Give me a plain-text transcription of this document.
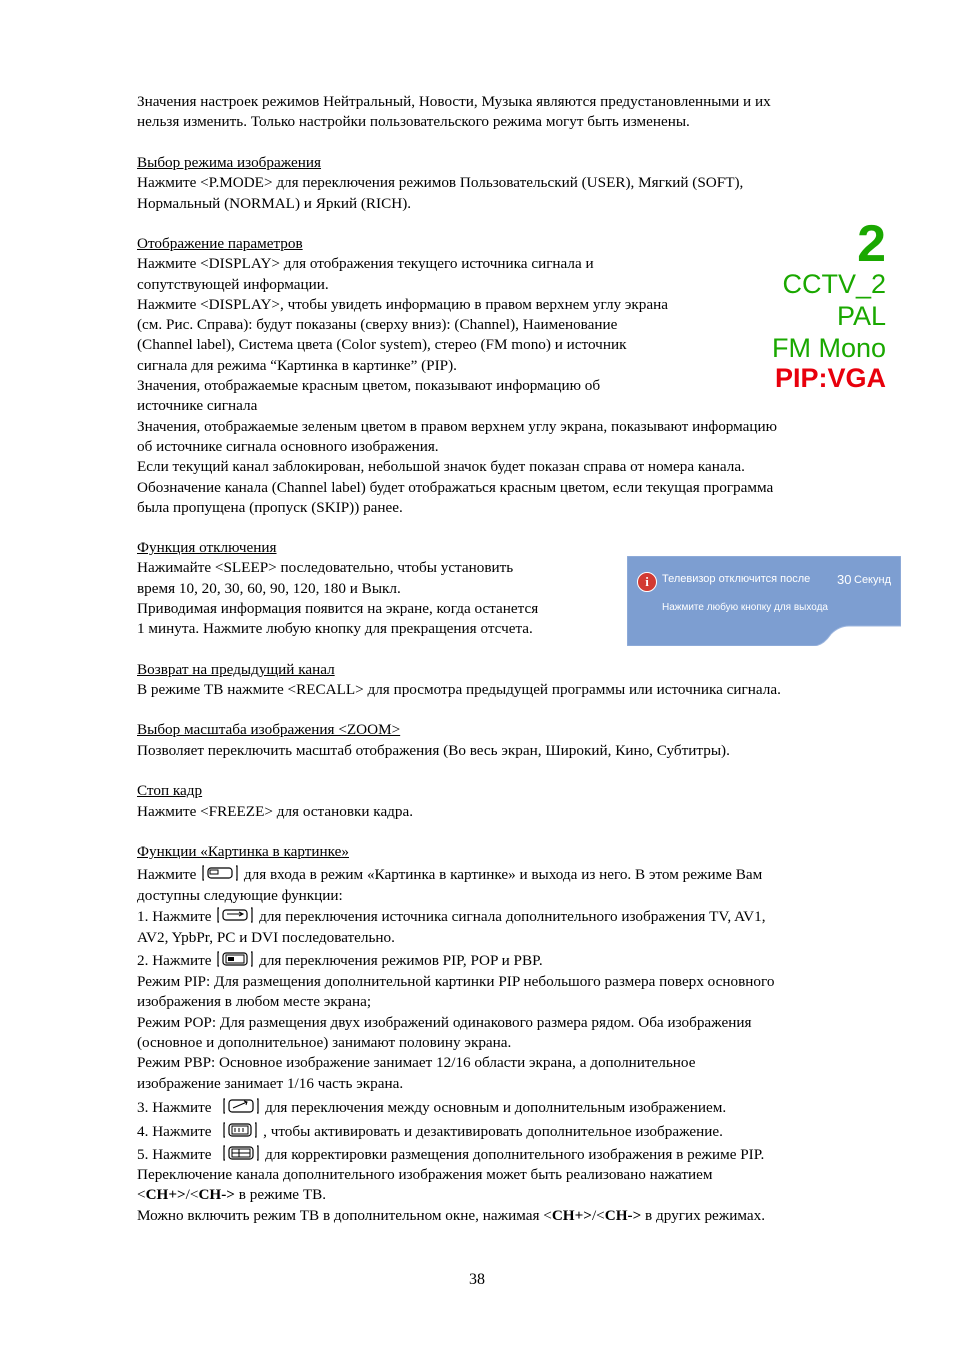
Значения настроек режимов Нейтральный, Новости, Музыка являются предустановленными и их
нельзя изменить. Только настройки пользовательского режима могут быть изменены.
Выбор режима изображения
Нажмите <P.MODE> для переключения режимов Пользовательский (USER), Мягкий (SOFT),
Нормальный (NORMAL) и Яркий (RICH).
Отображение параметров
Нажмите <DISPLAY> для отображения текущего источника сигнала и
сопутствующей информации.
Нажмите <DISPLAY>, чтобы увидеть информацию в правом верхнем углу экрана
(см. Рис. Справа): будут показаны (сверху вниз): (Channel), Наименование
(Channel label), Система цвета (Color system), стерео (FM mono) и источник
сигнала для режима “Картинка в картинке” (PIP).
Значения, отображаемые красным цветом, показывают информацию об
источнике сигнала
Значения, отображаемые зеленым цветом в правом верхнем углу экрана, показывают информацию
об источнике сигнала основного изображения.
Если текущий канал заблокирован, небольшой значок будет показан справа от номера канала.
Обозначение канала (Channel label) будет отображаться красным цветом, если текущая программа
была пропущена (пропуск (SKIP)) ранее.
2
CCTV_2
PAL
FM Mono
PIP:VGA
Функция отключения
Нажимайте <SLEEP> последовательно, чтобы установить
время 10, 20, 30, 60, 90, 120, 180 и Выкл.
Приводимая информация появится на экране, когда останется
1 минута. Нажмите любую кнопку для прекращения отсчета.
i	Телевизор отключится после 30 Секунд
Нажмите любую кнопку для выхода
Возврат на предыдущий канал
В режиме ТВ нажмите <RECALL> для просмотра предыдущей программы или источника сигнала.
Выбор масштаба изображения <ZOOM>
Позволяет переключить масштаб отображения (Во весь экран, Широкий, Кино, Субтитры).
Стоп кадр
Нажмите <FREEZE> для остановки кадра.
Функции «Картинка в картинке»
Нажмите	для входа в режим «Картинка в картинке» и выхода из него. В этом режиме Вам
доступны следующие функции:
1. Нажмите	для переключения источника сигнала дополнительного изображения TV, AV1,
AV2, YpbPr, PC и DVI последовательно.
2. Нажмите	для переключения режимов PIP, POP и PBP.
Режим PIP: Для размещения дополнительной картинки PIP небольшого размера поверх основного
изображения в любом месте экрана;
Режим POP: Для размещения двух изображений одинакового размера рядом. Оба изображения
(основное и дополнительное) занимают половину экрана.
Режим PBP: Основное изображение занимает 12/16 области экрана, а дополнительное
изображение занимает 1/16 часть экрана.
3. Нажмите	для переключения между основным и дополнительным изображением.
4. Нажмите	, чтобы активировать и дезактивировать дополнительное изображение.
5. Нажмите	для корректировки размещения дополнительного изображения в режиме PIP.
Переключение канала дополнительного изображения может быть реализовано нажатием
<CH+>/<CH-> в режиме ТВ.
Можно включить режим ТВ в дополнительном окне, нажимая <CH+>/<CH-> в других режимах.
38
